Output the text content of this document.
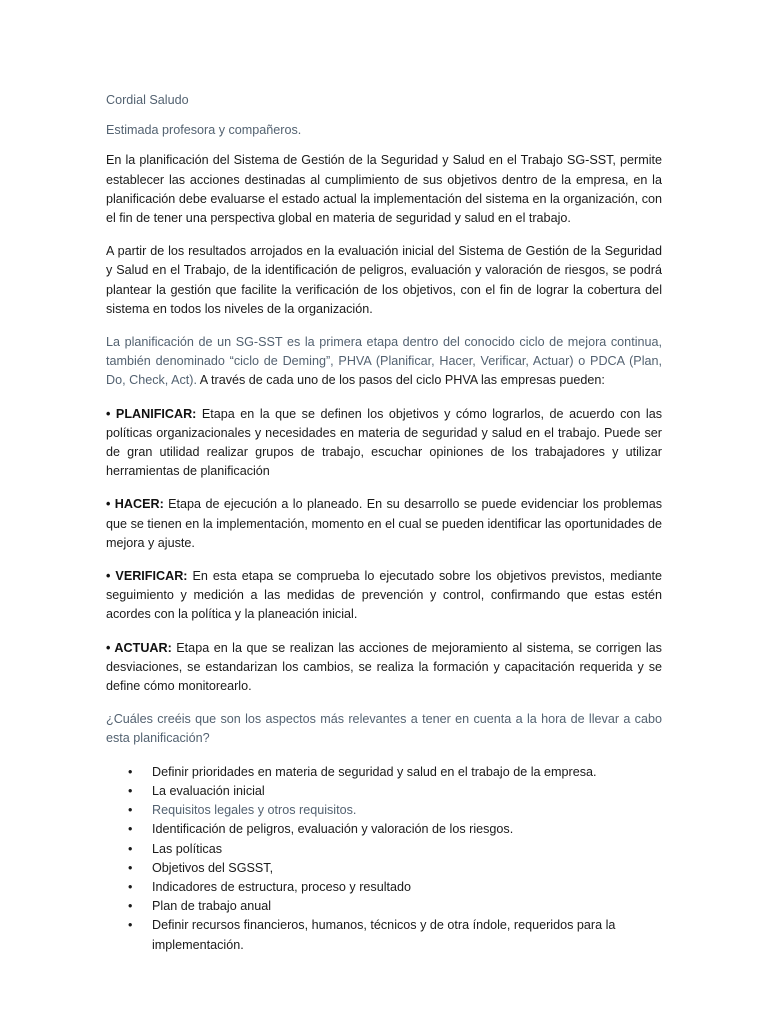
Cordial Saludo

Estimada profesora y compañeros.

En la planificación del Sistema de Gestión de la Seguridad y Salud en el Trabajo SG-SST, permite establecer las acciones destinadas al cumplimiento de sus objetivos dentro de la empresa, en la planificación debe evaluarse el estado actual la implementación del sistema en la organización, con el fin de tener una perspectiva global en materia de seguridad y salud en el trabajo.

A partir de los resultados arrojados en la evaluación inicial del Sistema de Gestión de la Seguridad y Salud en el Trabajo, de la identificación de peligros, evaluación y valoración de riesgos, se podrá plantear la gestión que facilite la verificación de los objetivos, con el fin de lograr la cobertura del sistema en todos los niveles de la organización.

La planificación de un SG-SST es la primera etapa dentro del conocido ciclo de mejora continua, también denominado “ciclo de Deming”, PHVA (Planificar, Hacer, Verificar, Actuar) o PDCA (Plan, Do, Check, Act). A través de cada uno de los pasos del ciclo PHVA las empresas pueden:

• PLANIFICAR: Etapa en la que se definen los objetivos y cómo lograrlos, de acuerdo con las políticas organizacionales y necesidades en materia de seguridad y salud en el trabajo. Puede ser de gran utilidad realizar grupos de trabajo, escuchar opiniones de los trabajadores y utilizar herramientas de planificación

• HACER: Etapa de ejecución a lo planeado. En su desarrollo se puede evidenciar los problemas que se tienen en la implementación, momento en el cual se pueden identificar las oportunidades de mejora y ajuste.

• VERIFICAR: En esta etapa se comprueba lo ejecutado sobre los objetivos previstos, mediante seguimiento y medición a las medidas de prevención y control, confirmando que estas estén acordes con la política y la planeación inicial.

• ACTUAR: Etapa en la que se realizan las acciones de mejoramiento al sistema, se corrigen las desviaciones, se estandarizan los cambios, se realiza la formación y capacitación requerida y se define cómo monitorearlo.

¿Cuáles creéis que son los aspectos más relevantes a tener en cuenta a la hora de llevar a cabo esta planificación?

• Definir prioridades en materia de seguridad y salud en el trabajo de la empresa.
• La evaluación inicial
• Requisitos legales y otros requisitos.
• Identificación de peligros, evaluación y valoración de los riesgos.
• Las políticas
• Objetivos del SGSST,
• Indicadores de estructura, proceso y resultado
• Plan de trabajo anual
• Definir recursos financieros, humanos, técnicos y de otra índole, requeridos para la implementación.
